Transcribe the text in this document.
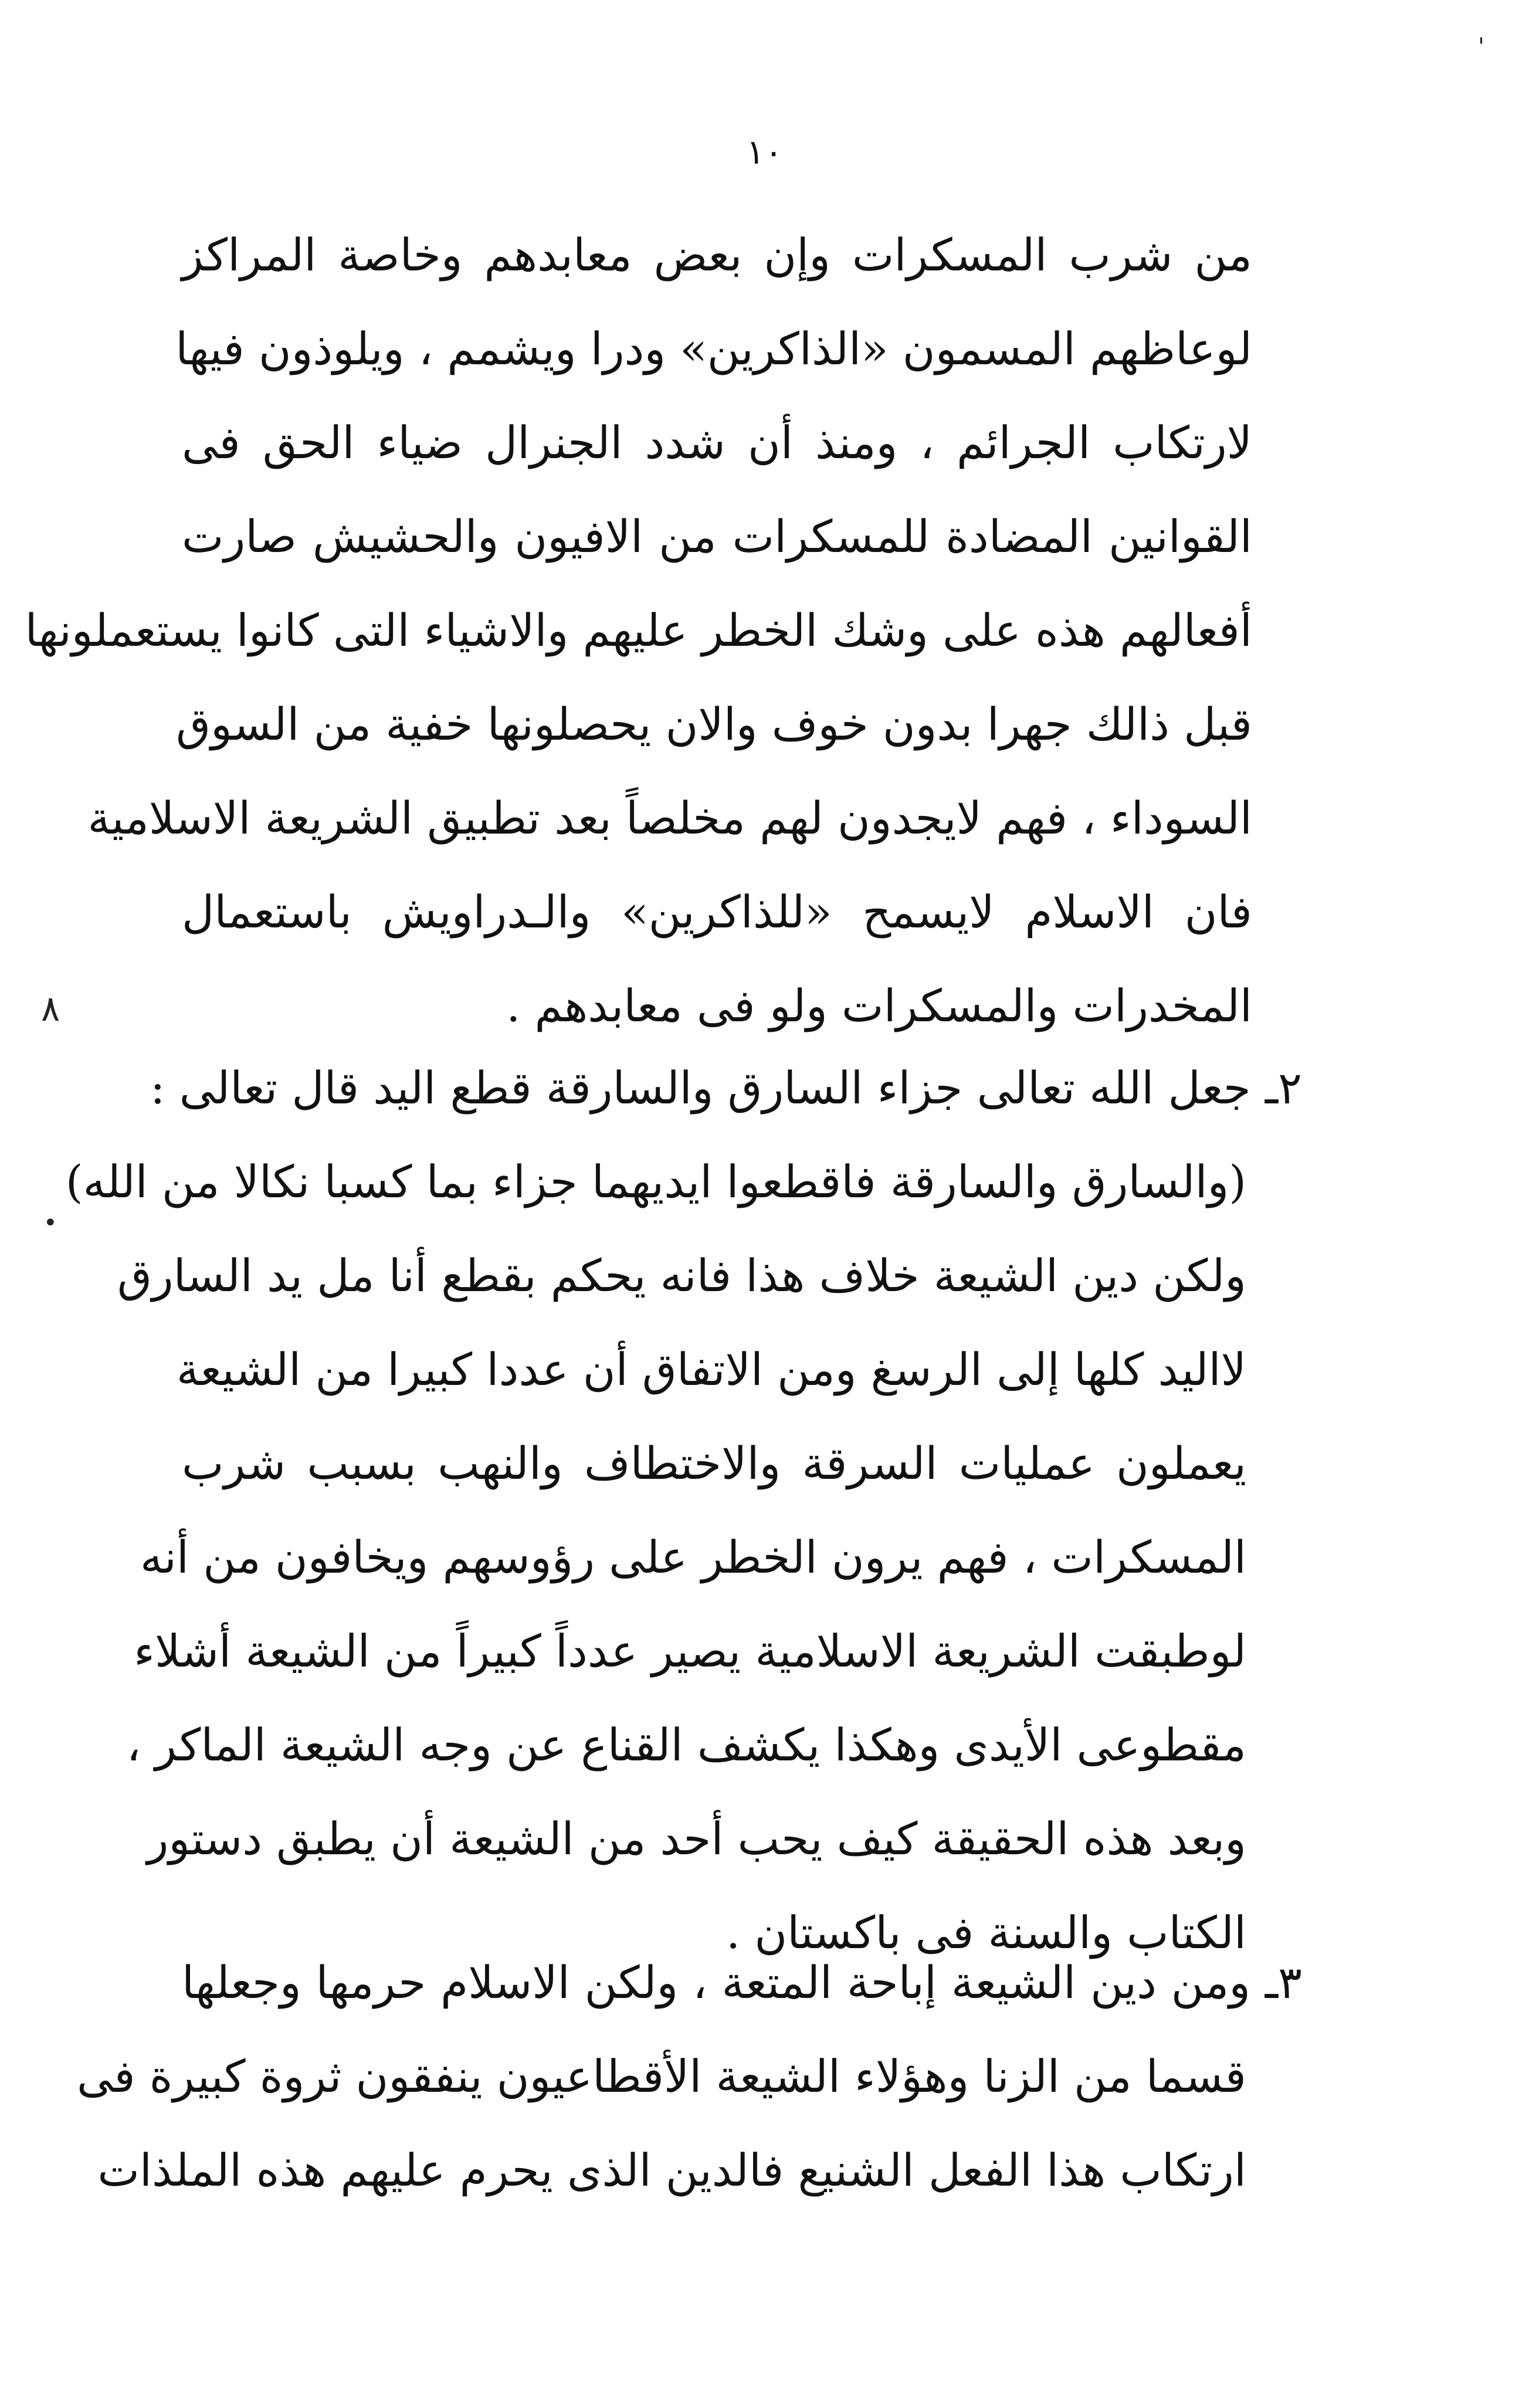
١٠
من شرب المسكرات وإن بعض معابدهم وخاصة المراكز
لوعاظهم المسمون «الذاكرين» ودرا ويشمم ، ويلوذون فيها
لارتكاب الجرائم ، ومنذ أن شدد الجنرال ضياء الحق فى
القوانين المضادة للمسكرات من الافيون والحشيش صارت
أفعالهم هذه على وشك الخطر عليهم والاشياء التى كانوا يستعملونها
قبل ذالك جهرا بدون خوف والان يحصلونها خفية من السوق
السوداء ، فهم لايجدون لهم مخلصاً بعد تطبيق الشريعة الاسلامية
فان الاسلام لايسمح «للذاكرين» والـدراويش باستعمال
المخدرات والمسكرات ولو فى معابدهم .
٢ـ جعل الله تعالى جزاء السارق والسارقة قطع اليد قال تعالى :
(والسارق والسارقة فاقطعوا ايديهما جزاء بما كسبا نكالا من الله)
ولكن دين الشيعة خلاف هذا فانه يحكم بقطع أنا مل يد السارق
لااليد كلها إلى الرسغ ومن الاتفاق أن عددا كبيرا من الشيعة
يعملون عمليات السرقة والاختطاف والنهب بسبب شرب
المسكرات ، فهم يرون الخطر على رؤوسهم ويخافون من أنه
لوطبقت الشريعة الاسلامية يصير عدداً كبيراً من الشيعة أشلاء
مقطوعى الأيدى وهكذا يكشف القناع عن وجه الشيعة الماكر ،
وبعد هذه الحقيقة كيف يحب أحد من الشيعة أن يطبق دستور
الكتاب والسنة فى باكستان .
٣ـ ومن دين الشيعة إباحة المتعة ، ولكن الاسلام حرمها وجعلها
قسما من الزنا وهؤلاء الشيعة الأقطاعيون ينفقون ثروة كبيرة فى
ارتكاب هذا الفعل الشنيع فالدين الذى يحرم عليهم هذه الملذات
٨
•
'
